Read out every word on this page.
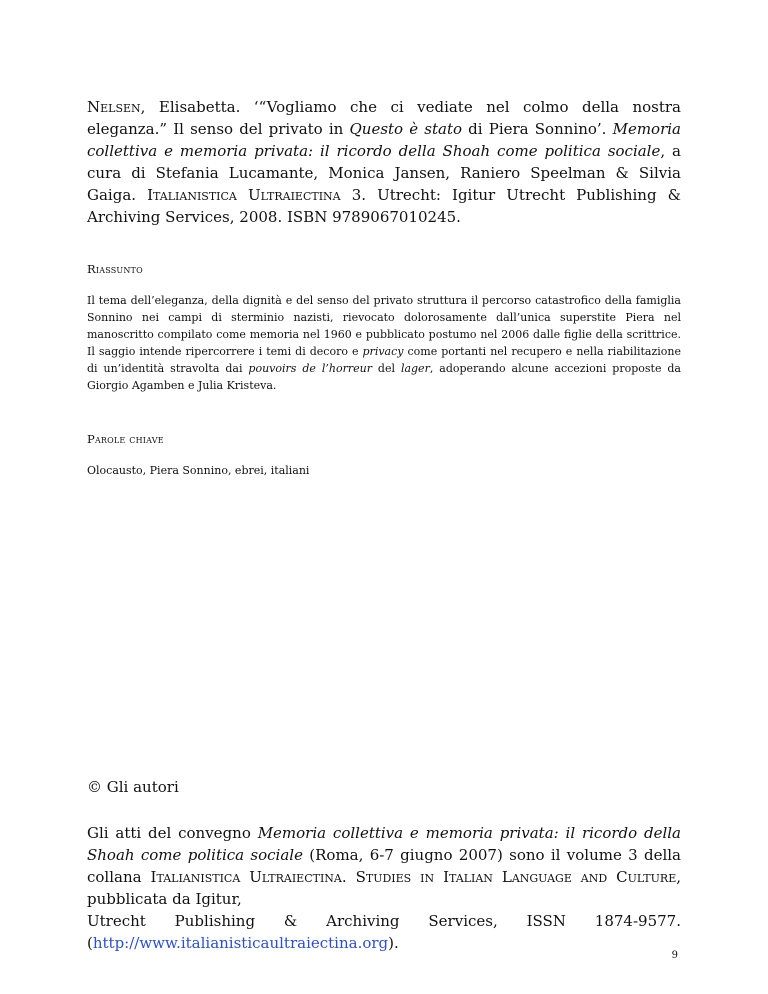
Nelsen, Elisabetta. ‘“Vogliamo che ci vediate nel colmo della nostra eleganza.” Il senso del privato in Questo è stato di Piera Sonnino’. Memoria collettiva e memoria privata: il ricordo della Shoah come politica sociale, a cura di Stefania Lucamante, Monica Jansen, Raniero Speelman & Silvia Gaiga. Italianistica Ultraiectina 3. Utrecht: Igitur Utrecht Publishing & Archiving Services, 2008. ISBN 9789067010245.
Riassunto
Il tema dell’eleganza, della dignità e del senso del privato struttura il percorso catastrofico della famiglia Sonnino nei campi di sterminio nazisti, rievocato dolorosamente dall’unica superstite Piera nel manoscritto compilato come memoria nel 1960 e pubblicato postumo nel 2006 dalle figlie della scrittrice. Il saggio intende ripercorrere i temi di decoro e privacy come portanti nel recupero e nella riabilitazione di un’identità stravolta dai pouvoirs de l’horreur del lager, adoperando alcune accezioni proposte da Giorgio Agamben e Julia Kristeva.
Parole chiave
Olocausto, Piera Sonnino, ebrei, italiani
© Gli autori
Gli atti del convegno Memoria collettiva e memoria privata: il ricordo della Shoah come politica sociale (Roma, 6-7 giugno 2007) sono il volume 3 della collana Italianistica Ultraiectina. Studies in Italian Language and Culture, pubblicata da Igitur,
Utrecht Publishing & Archiving Services, ISSN 1874-9577.
(http://www.italianisticaultraiectina.org).
9
